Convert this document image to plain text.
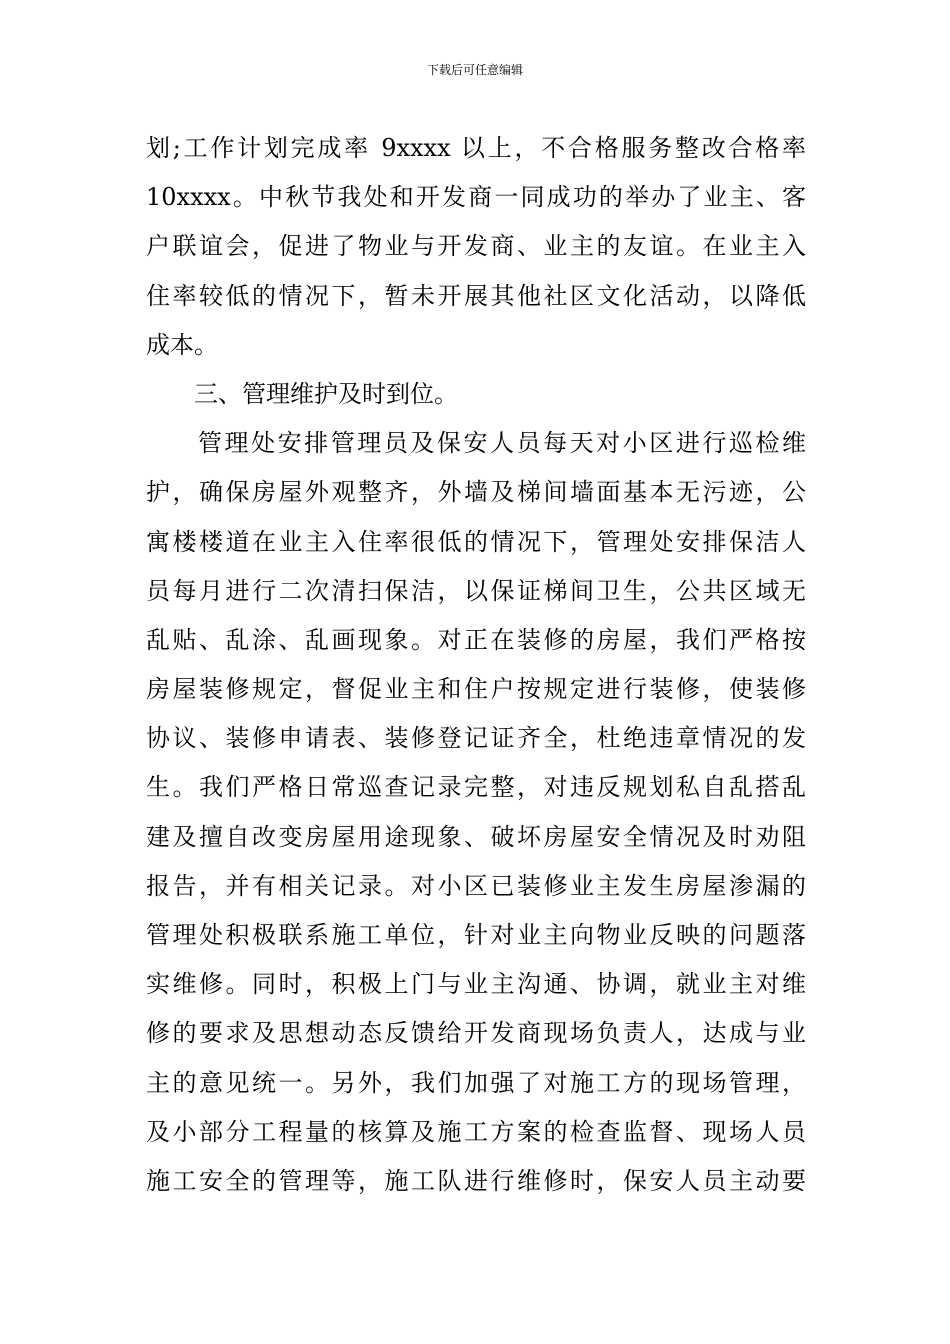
下载后可任意编辑
划;工作计划完成率 9xxxx 以上，不合格服务整改合格率
10xxxx。中秋节我处和开发商一同成功的举办了业主、客
户联谊会，促进了物业与开发商、业主的友谊。在业主入
住率较低的情况下，暂未开展其他社区文化活动，以降低
成本。
三、管理维护及时到位。
管理处安排管理员及保安人员每天对小区进行巡检维
护，确保房屋外观整齐，外墙及梯间墙面基本无污迹，公
寓楼楼道在业主入住率很低的情况下，管理处安排保洁人
员每月进行二次清扫保洁，以保证梯间卫生，公共区域无
乱贴、乱涂、乱画现象。对正在装修的房屋，我们严格按
房屋装修规定，督促业主和住户按规定进行装修，使装修
协议、装修申请表、装修登记证齐全，杜绝违章情况的发
生。我们严格日常巡查记录完整，对违反规划私自乱搭乱
建及擅自改变房屋用途现象、破坏房屋安全情况及时劝阻
报告，并有相关记录。对小区已装修业主发生房屋渗漏的
管理处积极联系施工单位，针对业主向物业反映的问题落
实维修。同时，积极上门与业主沟通、协调，就业主对维
修的要求及思想动态反馈给开发商现场负责人，达成与业
主的意见统一。另外，我们加强了对施工方的现场管理，
及小部分工程量的核算及施工方案的检查监督、现场人员
施工安全的管理等，施工队进行维修时，保安人员主动要
